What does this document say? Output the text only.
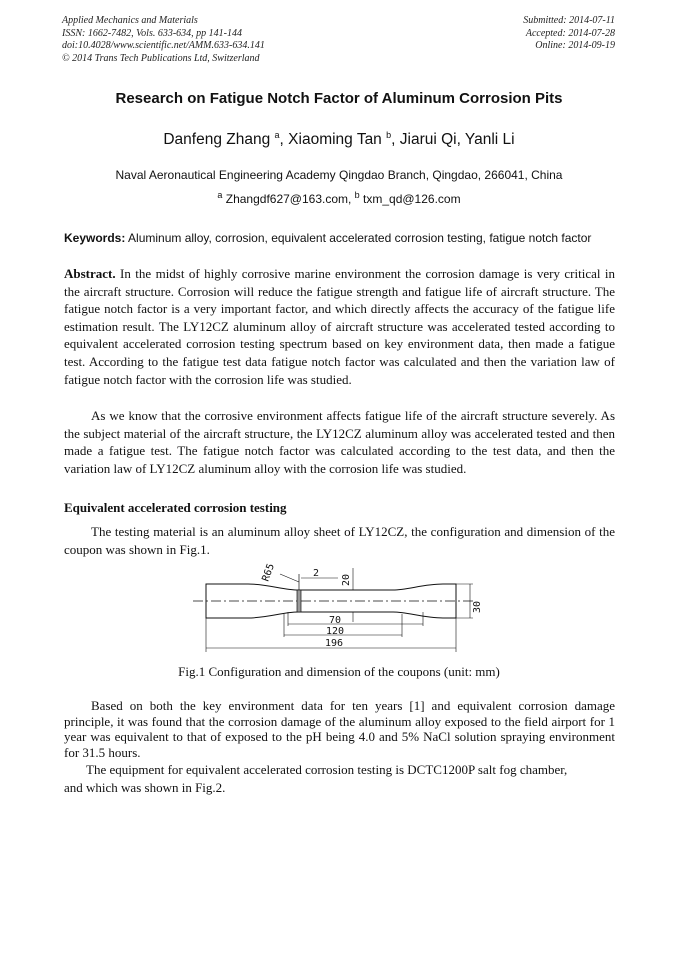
Applied Mechanics and Materials
ISSN: 1662-7482, Vols. 633-634, pp 141-144
doi:10.4028/www.scientific.net/AMM.633-634.141
© 2014 Trans Tech Publications Ltd, Switzerland
Submitted: 2014-07-11
Accepted: 2014-07-28
Online: 2014-09-19
Research on Fatigue Notch Factor of Aluminum Corrosion Pits
Danfeng Zhang $^a$, Xiaoming Tan $^b$, Jiarui Qi, Yanli Li
Naval Aeronautical Engineering Academy Qingdao Branch, Qingdao, 266041, China
$^a$ Zhangdf627@163.com, $^b$ txm_qd@126.com
Keywords: Aluminum alloy, corrosion, equivalent accelerated corrosion testing, fatigue notch factor
Abstract. In the midst of highly corrosive marine environment the corrosion damage is very critical in the aircraft structure. Corrosion will reduce the fatigue strength and fatigue life of aircraft structure. The fatigue notch factor is a very important factor, and which directly affects the accuracy of the fatigue life estimation result. The LY12CZ aluminum alloy of aircraft structure was accelerated tested according to equivalent accelerated corrosion testing spectrum based on key environment data, then made a fatigue test. According to the fatigue test data fatigue notch factor was calculated and then the variation law of fatigue notch factor with the corrosion life was studied.
As we know that the corrosive environment affects fatigue life of the aircraft structure severely. As the subject material of the aircraft structure, the LY12CZ aluminum alloy was accelerated tested and then made a fatigue test. The fatigue notch factor was calculated according to the test data, and then the variation law of LY12CZ aluminum alloy with the corrosion life was studied.
Equivalent accelerated corrosion testing
The testing material is an aluminum alloy sheet of LY12CZ, the configuration and dimension of the coupon was shown in Fig.1.
R65	2
20
30
70
120
196
Fig.1 Configuration and dimension of the coupons (unit: mm)
Based on both the key environment data for ten years [1] and equivalent corrosion damage principle, it was found that the corrosion damage of the aluminum alloy exposed to the field airport for 1 year was equivalent to that of exposed to the pH being 4.0 and 5% NaCl solution spraying environment for 31.5 hours.
The equipment for equivalent accelerated corrosion testing is DCTC1200P salt fog chamber,
and which was shown in Fig.2.
